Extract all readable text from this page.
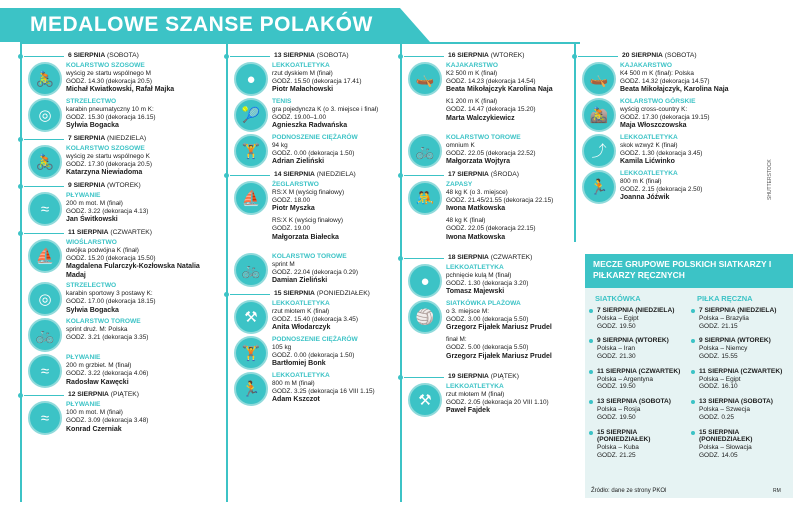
MEDALOWE SZANSE POLAKÓW
6 SIERPNIA (SOBOTA)
🚴
KOLARSTWO SZOSOWE
wyścig ze startu wspólnego M
GODZ. 14.30 (dekoracja 20.5)
Michał Kwiatkowski, Rafał Majka
◎
STRZELECTWO
karabin pneumatyczny 10 m K:
GODZ. 15.30 (dekoracja 16.15)
Sylwia Bogacka
7 SIERPNIA (NIEDZIELA)
🚴
KOLARSTWO SZOSOWE
wyścig ze startu wspólnego K
GODZ. 17.30 (dekoracja 20.5)
Katarzyna Niewiadoma
9 SIERPNIA (WTOREK)
≈
PŁYWANIE
200 m mot. M (finał)
GODZ. 3.22 (dekoracja 4.13)
Jan Świtkowski
11 SIERPNIA (CZWARTEK)
⛵
WIOŚLARSTWO
dwójka podwójna K (finał)
GODZ. 15.20 (dekoracja 15.50)
Magdalena Fularczyk-Kozłowska Natalia Madaj
◎
STRZELECTWO
karabin sportowy 3 postawy K:
GODZ. 17.00 (dekoracja 18.15)
Sylwia Bogacka
🚲
KOLARSTWO TOROWE
sprint druż. M: Polska
GODZ. 3.21 (dekoracja 3.35)
≈
PŁYWANIE
200 m grzbiet. M (finał)
GODZ. 3.22 (dekoracja 4.06)
Radosław Kawęcki
12 SIERPNIA (PIĄTEK)
≈
PŁYWANIE
100 m mot. M (finał)
GODZ. 3.09 (dekoracja 3.48)
Konrad Czerniak
13 SIERPNIA (SOBOTA)
●
LEKKOATLETYKA
rzut dyskiem M (finał)
GODZ. 15.50 (dekoracja 17.41)
Piotr Małachowski
🎾
TENIS
gra pojedyncza K (o 3. miejsce i finał)
GODZ. 19.00–1.00
Agnieszka Radwańska
🏋
PODNOSZENIE CIĘŻARÓW
94 kg
GODZ. 0.00 (dekoracja 1.50)
Adrian Zieliński
14 SIERPNIA (NIEDZIELA)
⛵
ŻEGLARSTWO
RS:X M (wyścig finałowy)
GODZ. 18.00
Piotr Myszka
RS:X K (wyścig finałowy)
GODZ. 19.00
Małgorzata Białecka
🚲
KOLARSTWO TOROWE
sprint M
GODZ. 22.04 (dekoracja 0.29)
Damian Zieliński
15 SIERPNIA (PONIEDZIAŁEK)
⚒
LEKKOATLETYKA
rzut młotem K (finał)
GODZ. 15.40 (dekoracja 3.45)
Anita Włodarczyk
🏋
PODNOSZENIE CIĘŻARÓW
105 kg
GODZ. 0.00 (dekoracja 1.50)
Bartłomiej Bonk
🏃
LEKKOATLETYKA
800 m M (finał)
GODZ. 3.25 (dekoracja 16 VIII 1.15)
Adam Kszczot
16 SIERPNIA (WTOREK)
🛶
KAJAKARSTWO
K2 500 m K (finał)
GODZ. 14.23 (dekoracja 14.54)
Beata Mikołajczyk Karolina Naja
K1 200 m K (finał)
GODZ. 14.47 (dekoracja 15.20)
Marta Walczykiewicz
🚲
KOLARSTWO TOROWE
omnium K
GODZ. 22.05 (dekoracja 22.52)
Małgorzata Wojtyra
17 SIERPNIA (ŚRODA)
🤼
ZAPASY
48 kg K (o 3. miejsce)
GODZ. 21.45/21.55 (dekoracja 22.15)
Iwona Matkowska
48 kg K (finał)
GODZ. 22.05 (dekoracja 22.15)
Iwona Matkowska
18 SIERPNIA (CZWARTEK)
●
LEKKOATLETYKA
pchnięcie kulą M (finał)
GODZ. 1.30 (dekoracja 3.20)
Tomasz Majewski
🏐
SIATKÓWKA PLAŻOWA
o 3. miejsce M:
GODZ. 3.00 (dekoracja 5.50)
Grzegorz Fijałek Mariusz Prudel
finał M:
GODZ. 5.00 (dekoracja 5.50)
Grzegorz Fijałek Mariusz Prudel
19 SIERPNIA (PIĄTEK)
⚒
LEKKOATLETYKA
rzut młotem M (finał)
GODZ. 2.05 (dekoracja 20 VIII 1.10)
Paweł Fajdek
20 SIERPNIA (SOBOTA)
🛶
KAJAKARSTWO
K4 500 m K (finał): Polska
GODZ. 14.32 (dekoracja 14.57)
Beata Mikołajczyk, Karolina Naja
🚵
KOLARSTWO GÓRSKIE
wyścig cross-country K:
GODZ. 17.30 (dekoracja 19.15)
Maja Włoszczowska
⤴
LEKKOATLETYKA
skok wzwyż K (finał)
GODZ. 1.30 (dekoracja 3.45)
Kamila Lićwinko
🏃
LEKKOATLETYKA
800 m K (finał)
GODZ. 2.15 (dekoracja 2.50)
Joanna Jóźwik	SHUTTERSTOCK
MECZE GRUPOWE POLSKICH SIATKARZY I PIŁKARZY RĘCZNYCH
SIATKÓWKA
7 SIERPNIA (NIEDZIELA)
Polska – Egipt
GODZ. 19.50
9 SIERPNIA (WTOREK)
Polska – Iran
GODZ. 21.30
11 SIERPNIA (CZWARTEK)
Polska – Argentyna
GODZ. 19.50
13 SIERPNIA (SOBOTA)
Polska – Rosja
GODZ. 19.50
15 SIERPNIA (PONIEDZIAŁEK)
Polska – Kuba
GODZ. 21.25
PIŁKA RĘCZNA
7 SIERPNIA (NIEDZIELA)
Polska – Brazylia
GODZ. 21.15
9 SIERPNIA (WTOREK)
Polska – Niemcy
GODZ. 15.55
11 SIERPNIA (CZWARTEK)
Polska – Egipt
GODZ. 16.10
13 SIERPNIA (SOBOTA)
Polska – Szwecja
GODZ. 0.25
15 SIERPNIA (PONIEDZIAŁEK)
Polska – Słowacja
GODZ. 14.05
Źródło: dane ze strony PKOl	RM
